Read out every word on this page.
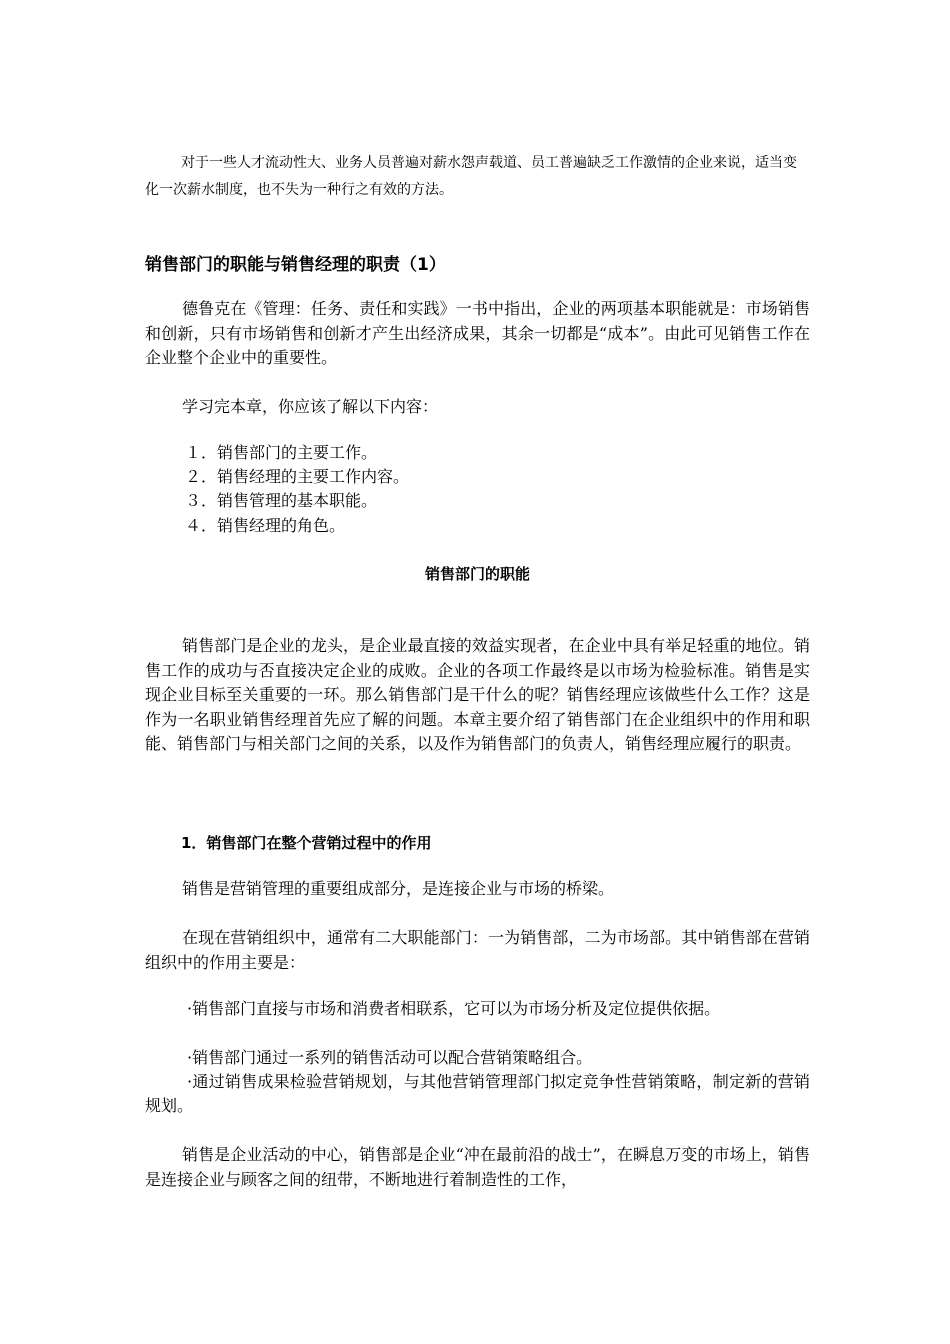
对于一些人才流动性大、业务人员普遍对薪水怨声载道、员工普遍缺乏工作激情的企业来说，适当变化一次薪水制度，也不失为一种行之有效的方法。

销售部门的职能与销售经理的职责（1）

德鲁克在《管理：任务、责任和实践》一书中指出，企业的两项基本职能就是：市场销售和创新，只有市场销售和创新才产生出经济成果，其余一切都是“成本”。由此可见销售工作在企业整个企业中的重要性。

学习完本章，你应该了解以下内容：

１．销售部门的主要工作。

２．销售经理的主要工作内容。

３．销售管理的基本职能。

４．销售经理的角色。

销售部门的职能

销售部门是企业的龙头，是企业最直接的效益实现者，在企业中具有举足轻重的地位。销售工作的成功与否直接决定企业的成败。企业的各项工作最终是以市场为检验标准。销售是实现企业目标至关重要的一环。那么销售部门是干什么的呢？销售经理应该做些什么工作？这是作为一名职业销售经理首先应了解的问题。本章主要介绍了销售部门在企业组织中的作用和职能、销售部门与相关部门之间的关系，以及作为销售部门的负责人，销售经理应履行的职责。

1．销售部门在整个营销过程中的作用

销售是营销管理的重要组成部分，是连接企业与市场的桥梁。

在现在营销组织中，通常有二大职能部门：一为销售部，二为市场部。其中销售部在营销组织中的作用主要是：

·销售部门直接与市场和消费者相联系，它可以为市场分析及定位提供依据。

·销售部门通过一系列的销售活动可以配合营销策略组合。

·通过销售成果检验营销规划，与其他营销管理部门拟定竞争性营销策略，制定新的营销规划。

销售是企业活动的中心，销售部是企业“冲在最前沿的战士”，在瞬息万变的市场上，销售是连接企业与顾客之间的纽带，不断地进行着制造性的工作，
